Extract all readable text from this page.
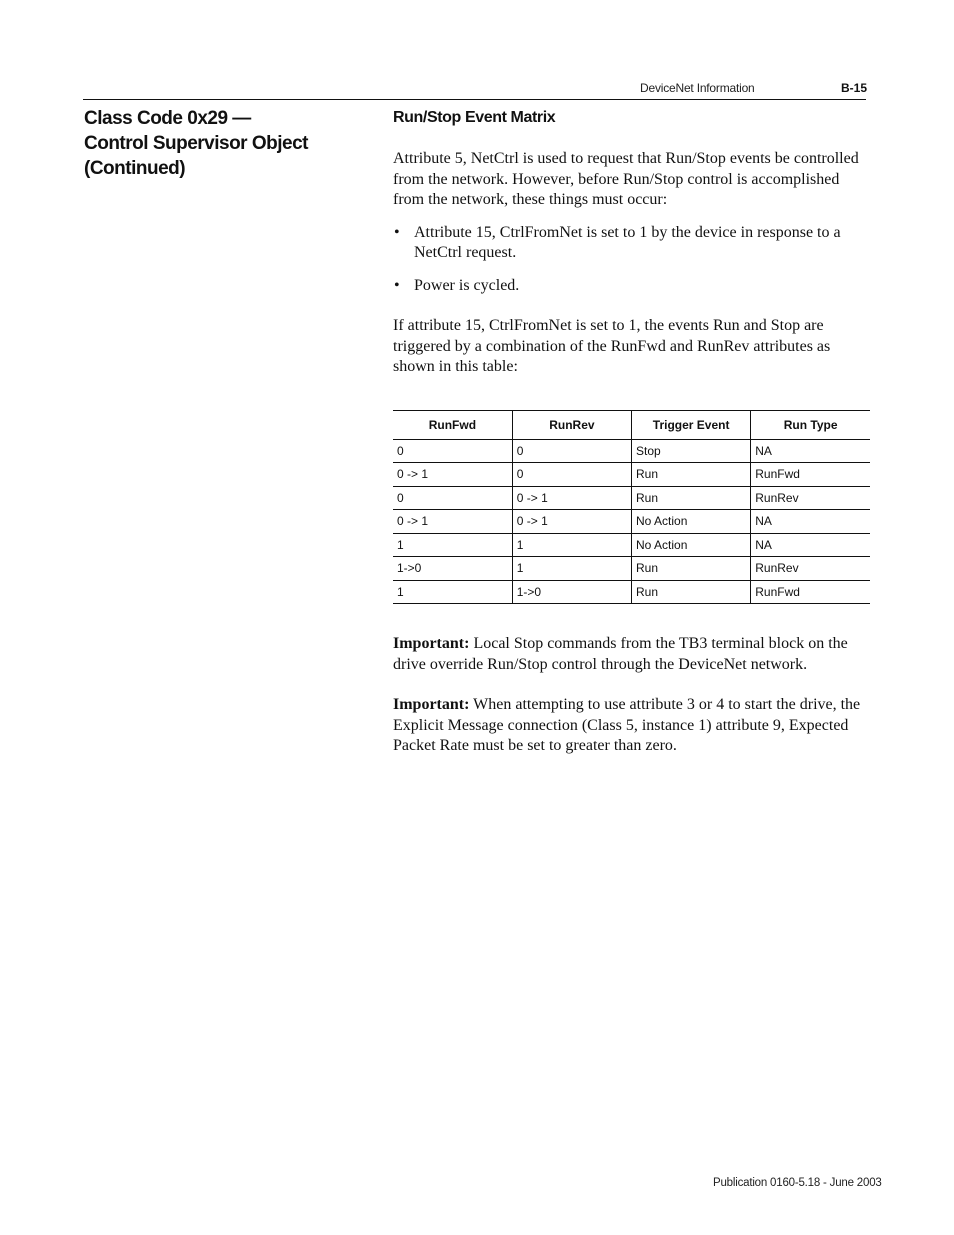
DeviceNet Information	B-15
Class Code 0x29 —
Control Supervisor Object
(Continued)
Run/Stop Event Matrix

Attribute 5, NetCtrl is used to request that Run/Stop events be controlled from the network. However, before Run/Stop control is accomplished from the network, these things must occur:

• Attribute 15, CtrlFromNet is set to 1 by the device in response to a NetCtrl request.
• Power is cycled.

If attribute 15, CtrlFromNet is set to 1, the events Run and Stop are triggered by a combination of the RunFwd and RunRev attributes as shown in this table:

RunFwd	RunRev	Trigger Event	Run Type
0	0	Stop	NA
0 -> 1	0	Run	RunFwd
0	0 -> 1	Run	RunRev
0 -> 1	0 -> 1	No Action	NA
1	1	No Action	NA
1->0	1	Run	RunRev
1	1->0	Run	RunFwd

Important: Local Stop commands from the TB3 terminal block on the drive override Run/Stop control through the DeviceNet network.

Important: When attempting to use attribute 3 or 4 to start the drive, the Explicit Message connection (Class 5, instance 1) attribute 9, Expected Packet Rate must be set to greater than zero.

Publication 0160-5.18 - June 2003
